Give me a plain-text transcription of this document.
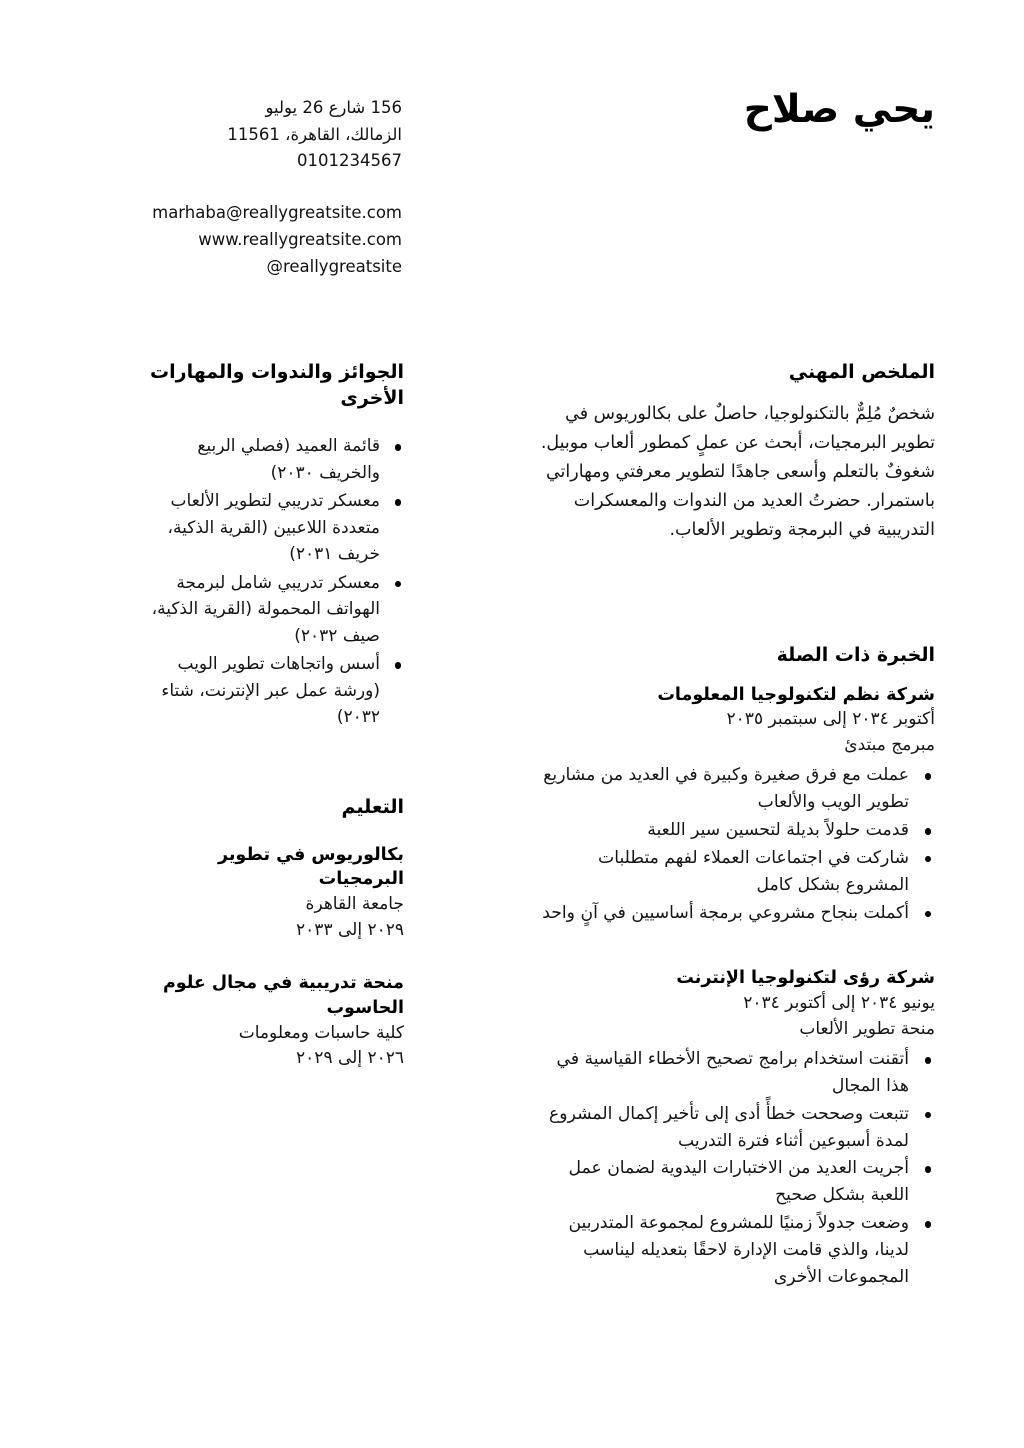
يحي صلاح
156 شارع 26 يوليو
الزمالك، القاهرة، 11561
0101234567
marhaba@reallygreatsite.com
www.reallygreatsite.com
@reallygreatsite
الملخص المهني

شخصٌ مُلِمٌّ بالتكنولوجيا، حاصلٌ على بكالوريوس في تطوير البرمجيات، أبحث عن عملٍ كمطور ألعاب موبيل. شغوفٌ بالتعلم وأسعى جاهدًا لتطوير معرفتي ومهاراتي باستمرار. حضرتُ العديد من الندوات والمعسكرات التدريبية في البرمجة وتطوير الألعاب.

الخبرة ذات الصلة

شركة نظم لتكنولوجيا المعلومات

أكتوبر ٢٠٣٤ إلى سبتمبر ٢٠٣٥

مبرمج مبتدئ

عملت مع فرق صغيرة وكبيرة في العديد من مشاريع تطوير الويب والألعاب
قدمت حلولاً بديلة لتحسين سير اللعبة
شاركت في اجتماعات العملاء لفهم متطلبات المشروع بشكل كامل
أكملت بنجاح مشروعي برمجة أساسيين في آنٍ واحد

شركة رؤى لتكنولوجيا الإنترنت

يونيو ٢٠٣٤ إلى أكتوبر ٢٠٣٤

منحة تطوير الألعاب

أتقنت استخدام برامج تصحيح الأخطاء القياسية في هذا المجال
تتبعت وصححت خطأً أدى إلى تأخير إكمال المشروع لمدة أسبوعين أثناء فترة التدريب
أجريت العديد من الاختبارات اليدوية لضمان عمل اللعبة بشكل صحيح
وضعت جدولاً زمنيًا للمشروع لمجموعة المتدربين لدينا، والذي قامت الإدارة لاحقًا بتعديله ليناسب المجموعات الأخرى
الجوائز والندوات والمهارات الأخرى
قائمة العميد (فصلي الربيع والخريف ٢٠٣٠)
معسكر تدريبي لتطوير الألعاب متعددة اللاعبين (القرية الذكية، خريف ٢٠٣١)
معسكر تدريبي شامل لبرمجة الهواتف المحمولة (القرية الذكية، صيف ٢٠٣٢)
أسس واتجاهات تطوير الويب (ورشة عمل عبر الإنترنت، شتاء ٢٠٣٢)
التعليم

بكالوريوس في تطوير البرمجيات

جامعة القاهرة

٢٠٢٩ إلى ٢٠٣٣

منحة تدريبية في مجال علوم الحاسوب

كلية حاسبات ومعلومات

٢٠٢٦ إلى ٢٠٢٩
